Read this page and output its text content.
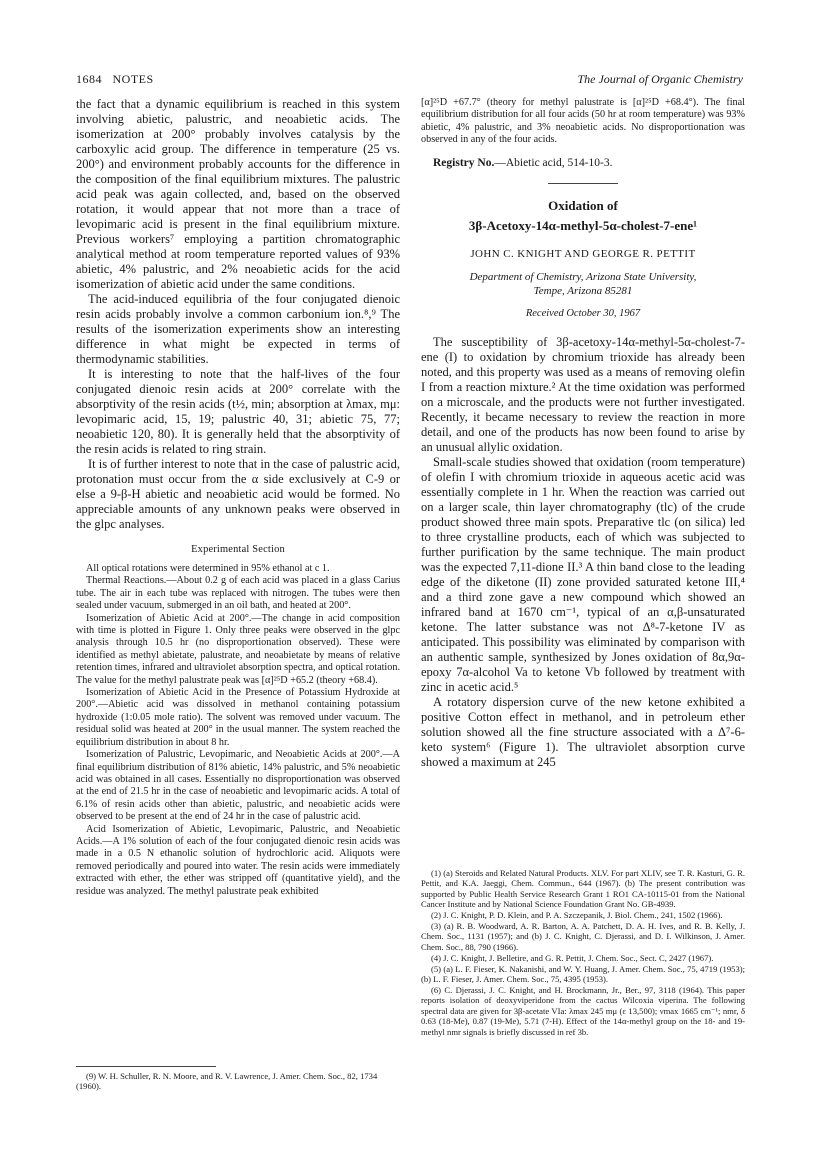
1684 NOTES	The Journal of Organic Chemistry

the fact that a dynamic equilibrium is reached in this system involving abietic, palustric, and neoabietic acids. The isomerization at 200° probably involves catalysis by the carboxylic acid group. The difference in temperature (25 vs. 200°) and environment probably accounts for the difference in the composition of the final equilibrium mixtures. The palustric acid peak was again collected, and, based on the observed rotation, it would appear that not more than a trace of levopimaric acid is present in the final equilibrium mixture. Previous workers⁷ employing a partition chromatographic analytical method at room temperature reported values of 93% abietic, 4% palustric, and 2% neoabietic acids for the acid isomerization of abietic acid under the same conditions.

The acid-induced equilibria of the four conjugated dienoic resin acids probably involve a common carbonium ion.⁸,⁹ The results of the isomerization experiments show an interesting difference in what might be expected in terms of thermodynamic stabilities.

It is interesting to note that the half-lives of the four conjugated dienoic resin acids at 200° correlate with the absorptivity of the resin acids (t½, min; absorption at λmax, mμ: levopimaric acid, 15, 19; palustric 40, 31; abietic 75, 77; neoabietic 120, 80). It is generally held that the absorptivity of the resin acids is related to ring strain.

It is of further interest to note that in the case of palustric acid, protonation must occur from the α side exclusively at C-9 or else a 9-β-H abietic and neoabietic acid would be formed. No appreciable amounts of any unknown peaks were observed in the glpc analyses.

Experimental Section

All optical rotations were determined in 95% ethanol at c 1.

Thermal Reactions.—About 0.2 g of each acid was placed in a glass Carius tube. The air in each tube was replaced with nitrogen. The tubes were then sealed under vacuum, submerged in an oil bath, and heated at 200°.

Isomerization of Abietic Acid at 200°.—The change in acid composition with time is plotted in Figure 1. Only three peaks were observed in the glpc analysis through 10.5 hr (no disproportionation observed). These were identified as methyl abietate, palustrate, and neoabietate by means of relative retention times, infrared and ultraviolet absorption spectra, and optical rotation. The value for the methyl palustrate peak was [α]²⁵D +65.2 (theory +68.4).

Isomerization of Abietic Acid in the Presence of Potassium Hydroxide at 200°.—Abietic acid was dissolved in methanol containing potassium hydroxide (1:0.05 mole ratio). The solvent was removed under vacuum. The residual solid was heated at 200° in the usual manner. The system reached the equilibrium distribution in about 8 hr.

Isomerization of Palustric, Levopimaric, and Neoabietic Acids at 200°.—A final equilibrium distribution of 81% abietic, 14% palustric, and 5% neoabietic acid was obtained in all cases. Essentially no disproportionation was observed at the end of 21.5 hr in the case of neoabietic and levopimaric acids. A total of 6.1% of resin acids other than abietic, palustric, and neoabietic acids were observed to be present at the end of 24 hr in the case of palustric acid.

Acid Isomerization of Abietic, Levopimaric, Palustric, and Neoabietic Acids.—A 1% solution of each of the four conjugated dienoic resin acids was made in a 0.5 N ethanolic solution of hydrochloric acid. Aliquots were removed periodically and poured into water. The resin acids were immediately extracted with ether, the ether was stripped off (quantitative yield), and the residue was analyzed. The methyl palustrate peak exhibited

(9) W. H. Schuller, R. N. Moore, and R. V. Lawrence, J. Amer. Chem. Soc., 82, 1734 (1960).

[α]²⁵D +67.7° (theory for methyl palustrate is [α]²⁵D +68.4°). The final equilibrium distribution for all four acids (50 hr at room temperature) was 93% abietic, 4% palustric, and 3% neoabietic acids. No disproportionation was observed in any of the four acids.

Registry No.—Abietic acid, 514-10-3.

Oxidation of
3β-Acetoxy-14α-methyl-5α-cholest-7-ene¹
JOHN C. KNIGHT AND GEORGE R. PETTIT
Department of Chemistry, Arizona State University,
Tempe, Arizona 85281
Received October 30, 1967

The susceptibility of 3β-acetoxy-14α-methyl-5α-cholest-7-ene (I) to oxidation by chromium trioxide has already been noted, and this property was used as a means of removing olefin I from a reaction mixture.² At the time oxidation was performed on a microscale, and the products were not further investigated. Recently, it became necessary to review the reaction in more detail, and one of the products has now been found to arise by an unusual allylic oxidation.

Small-scale studies showed that oxidation (room temperature) of olefin I with chromium trioxide in aqueous acetic acid was essentially complete in 1 hr. When the reaction was carried out on a larger scale, thin layer chromatography (tlc) of the crude product showed three main spots. Preparative tlc (on silica) led to three crystalline products, each of which was subjected to further purification by the same technique. The main product was the expected 7,11-dione II.³ A thin band close to the leading edge of the diketone (II) zone provided saturated ketone III,⁴ and a third zone gave a new compound which showed an infrared band at 1670 cm⁻¹, typical of an α,β-unsaturated ketone. The latter substance was not Δ⁸-7-ketone IV as anticipated. This possibility was eliminated by comparison with an authentic sample, synthesized by Jones oxidation of 8α,9α-epoxy 7α-alcohol Va to ketone Vb followed by treatment with zinc in acetic acid.⁵

A rotatory dispersion curve of the new ketone exhibited a positive Cotton effect in methanol, and in petroleum ether solution showed all the fine structure associated with a Δ⁷-6-keto system⁶ (Figure 1). The ultraviolet absorption curve showed a maximum at 245

(1) (a) Steroids and Related Natural Products. XLV. For part XLIV, see T. R. Kasturi, G. R. Pettit, and K.A. Jaeggi, Chem. Commun., 644 (1967). (b) The present contribution was supported by Public Health Service Research Grant 1 RO1 CA-10115-01 from the National Cancer Institute and by National Science Foundation Grant No. GB-4939.

(2) J. C. Knight, P. D. Klein, and P. A. Szczepanik, J. Biol. Chem., 241, 1502 (1966).

(3) (a) R. B. Woodward, A. R. Barton, A. A. Patchett, D. A. H. Ives, and R. B. Kelly, J. Chem. Soc., 1131 (1957); and (b) J. C. Knight, C. Djerassi, and D. I. Wilkinson, J. Amer. Chem. Soc., 88, 790 (1966).

(4) J. C. Knight, J. Belletire, and G. R. Pettit, J. Chem. Soc., Sect. C, 2427 (1967).

(5) (a) L. F. Fieser, K. Nakanishi, and W. Y. Huang, J. Amer. Chem. Soc., 75, 4719 (1953); (b) L. F. Fieser, J. Amer. Chem. Soc., 75, 4395 (1953).

(6) C. Djerassi, J. C. Knight, and H. Brockmann, Jr., Ber., 97, 3118 (1964). This paper reports isolation of deoxyviperidone from the cactus Wilcoxia viperina. The following spectral data are given for 3β-acetate VIa: λmax 245 mμ (ε 13,500); νmax 1665 cm⁻¹; nmr, δ 0.63 (18-Me), 0.87 (19-Me), 5.71 (7-H). Effect of the 14α-methyl group on the 18- and 19-methyl nmr signals is briefly discussed in ref 3b.
